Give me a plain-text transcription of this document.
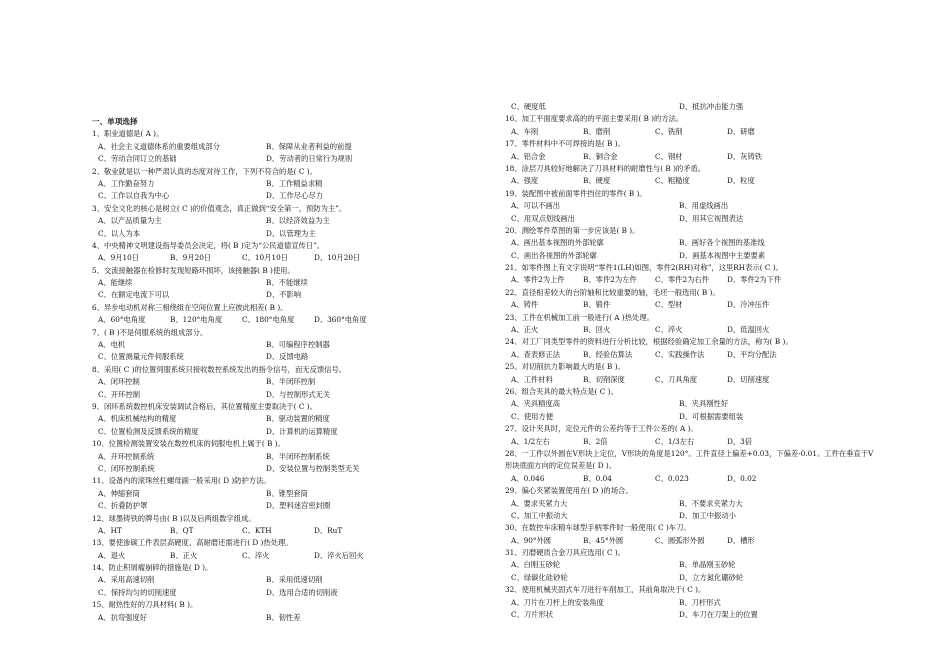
一、单项选择
1、职业道德是( A )。
A、社会主义道德体系的重要组成部分	B、保障从业者利益的前提
C、劳动合同订立的基础	D、劳动者的日常行为规则
2、敬业就是以一种严肃认真的态度对待工作，下列不符合的是( C )。
A、工作勤奋努力	B、工作精益求精
C、工作以自我为中心	D、工作尽心尽力
3、安全文化的核心是树立( C )的价值观念，真正做到“安全第一，预防为主”。
A、以产品质量为主	B、以经济效益为主
C、以人为本	D、以管理为主
4、中央精神文明建设指导委员会决定，将( B )定为“公民道德宣传日”。
A、9月10日	B、9月20日	C、10月10日	D、10月20日
5、交流接触器在检修时发现短路环损坏，该接触器( B )使用。
A、能继续	B、不能继续
C、在额定电流下可以	D、不影响
6、异步电动机对称三相绕组在空间位置上应彼此相差( B )。
A、60°电角度	B、120°电角度	C、180°电角度	D、360°电角度
7、( B )不是伺服系统的组成部分。
A、电机	B、可编程序控制器
C、位置测量元件伺服系统	D、反馈电路
8、采用( C )的位置伺服系统只接收数控系统发出的指令信号，而无反馈信号。
A、闭环控制	B、半闭环控制
C、开环控制	D、与控制形式无关
9、闭环系统数控机床安装调试合格后，其位置精度主要取决于( C )。
A、机床机械结构的精度	B、驱动装置的精度
C、位置检测及反馈系统的精度	D、计算机的运算精度
10、位置检测装置安装在数控机床的伺服电机上属于( B )。
A、开环控制系统	B、半闭环控制系统
C、闭环控制系统	D、安装位置与控制类型无关
11、设备内的滚珠丝杠螺母副一般采用( D )防护方法。
A、伸缩套筒	B、锥型套筒
C、折叠防护罩	D、塑料迷宫密封圈
12、球墨铸铁的牌号由( B )以及后两组数字组成。
A、HT	B、QT	C、KTH	D、RuT
13、要使渗碳工件表层高硬度、高耐磨还需进行( D )热处理。
A、退火	B、正火	C、淬火	D、淬火后回火
14、防止积屑瘤崩碎的措施是( D )。
A、采用高速切削	B、采用低速切削
C、保持均匀的切削速度	D、选用合适的切削液
15、耐热性好的刀具材料( B )。
A、抗弯强度好	B、韧性差
C、硬度低	D、抵抗冲击能力强
16、加工平面度要求高的的平面主要采用( B )的方法。
A、车削	B、磨削	C、铣削	D、研磨
17、零件材料中不可焊接的是( B )。
A、铝合金	B、铜合金	C、钢材	D、灰铸铁
18、涂层刀具较好地解决了刀具材料的耐磨性与( B )的矛盾。
A、强度	B、硬度	C、粗糙度	D、粒度
19、装配图中被前面零件挡住的零件( B )。
A、可以不画出	B、用虚线画出
C、用双点划线画出	D、用其它视图表达
20、测绘零件草图的第一步应该是( B )。
A、画出基本视图的外部轮廓	B、画好各个视图的基准线
C、画出各视图的外部轮廓	D、画基本视图中主要要素
21、如零件图上有文字说明“零件1(LH)如图，零件2(RH)对称”，这里RH表示( C )。
A、零件2为上件	B、零件2为左件 C、零件2为右件 D、零件2为下件
22、直径相差较大的台阶轴和比较重要的轴，毛坯一般选用( B )。
A、铸件	B、锻件	C、型材	D、冷冲压件
23、工件在机械加工前一般进行( A )热处理。
A、正火	B、回火	C、淬火	D、低温回火
24、对工厂同类型零件的资料进行分析比较，根据经验确定加工余量的方法，称为( B )。
A、查表修正法	B、经验估算法	C、实践操作法	D、平均分配法
25、对切削抗力影响最大的是( B )。
A、工件材料	B、切削深度	C、刀具角度	D、切削速度
26、组合夹具的最大特点是( C )。
A、夹具精度高	B、夹具刚性好
C、使用方便	D、可根据需要组装
27、设计夹具时，定位元件的公差约等于工件公差的( A )。
A、1/2左右	B、2倍	C、1/3左右	D、3倍
28、一工件以外圆在V形块上定位，V形块的角度是120°。工件直径上偏差+0.03，下偏差-0.01。工件在垂直于V
形块底面方向的定位误差是( D )。
A、0.046	B、0.04	C、0.023	D、0.02
29、偏心夹紧装置使用在( D )的场合。
A、要求夹紧力大	B、不要求夹紧力大
C、加工中振动大	D、加工中振动小
30、在数控车床精车球型手柄零件时一般使用( C )车刀。
A、90°外圆	B、45°外圆	C、圆弧形外圆	D、槽形
31、刃磨硬质合金刀具应选用( C )。
A、白刚玉砂轮	B、单晶刚玉砂轮
C、绿碳化硅砂轮	D、立方氮化硼砂轮
32、使用机械夹固式车刀进行车削加工，其前角取决于( C )。
A、刀片在刀杆上的安装角度	B、刀杆形式
C、刀片形状	D、车刀在刀架上的位置
